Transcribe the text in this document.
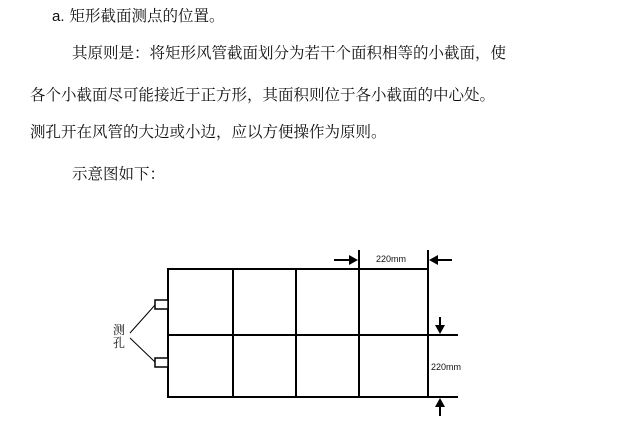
a. 矩形截面测点的位置。
其原则是：将矩形风管截面划分为若干个面积相等的小截面，使
各个小截面尽可能接近于正方形，其面积则位于各小截面的中心处。
测孔开在风管的大边或小边，应以方便操作为原则。
示意图如下：
220mm
220mm
测
孔
